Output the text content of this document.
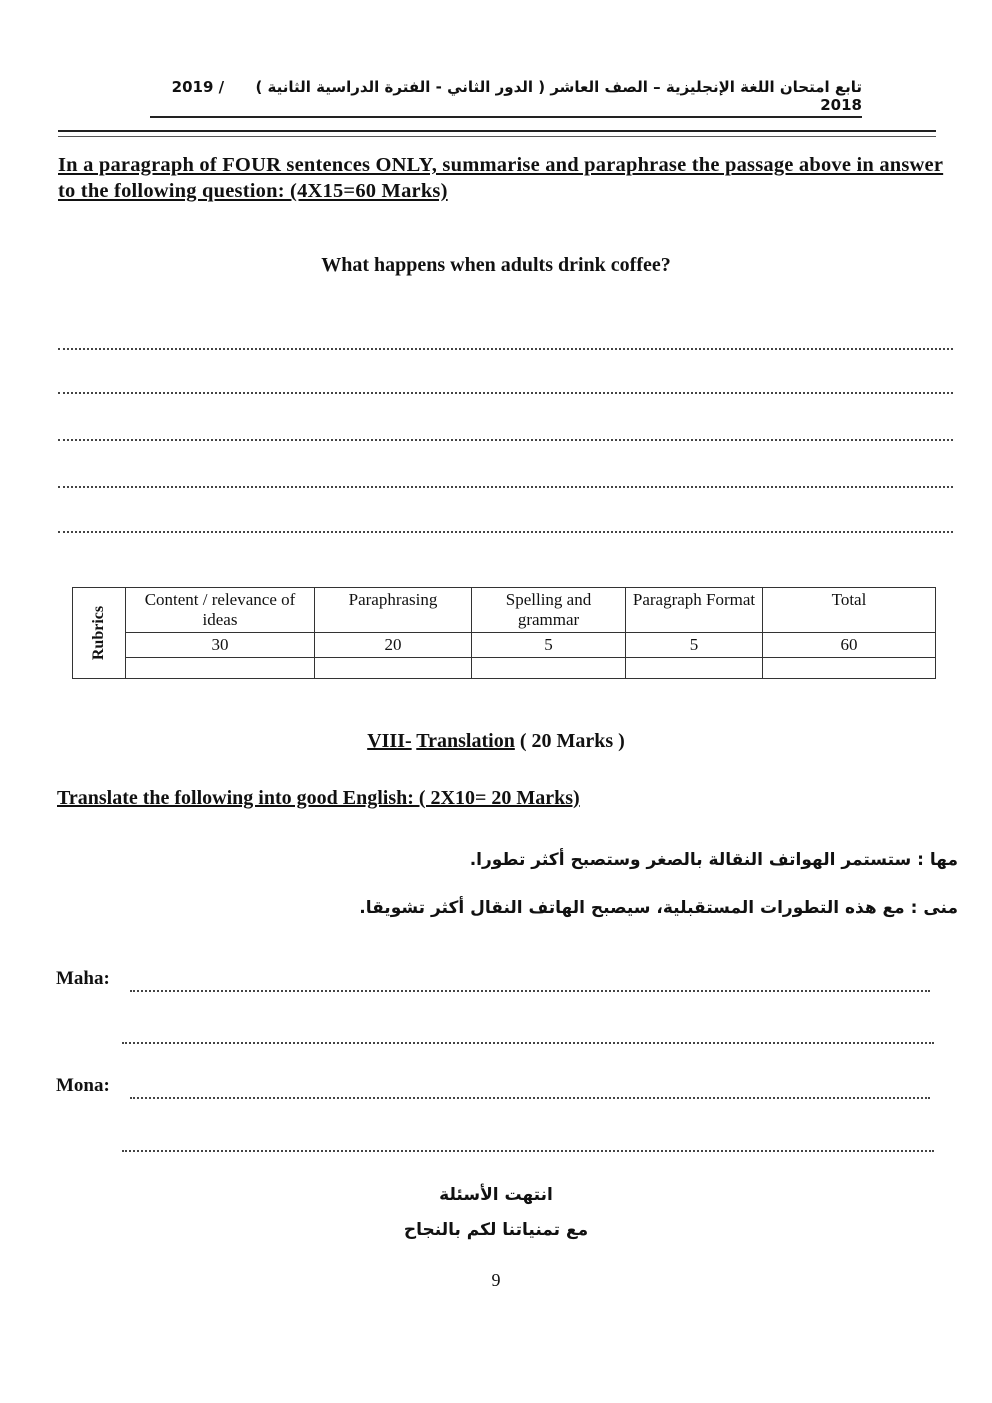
تابع امتحان اللغة الإنجليزية – الصف العاشر ( الدور الثاني - الفترة الدراسية الثانية )      2019 / 2018
In a paragraph of FOUR sentences ONLY, summarise and paraphrase the passage above in answer to the following question: (4X15=60 Marks)
What happens when adults drink coffee?
Rubrics	Content / relevance of ideas	Paraphrasing	Spelling and grammar	Paragraph Format	Total
	30	20	5	5	60

VIII- Translation ( 20 Marks )
Translate the following into good English: ( 2X10= 20 Marks)
مها : ستستمر الهواتف النقالة بالصغر وستصبح أكثر تطورا.
منى : مع هذه التطورات المستقبلية، سيصبح الهاتف النقال أكثر تشويقا.
Maha:
Mona:
انتهت الأسئلة
مع تمنياتنا لكم بالنجاح
9
